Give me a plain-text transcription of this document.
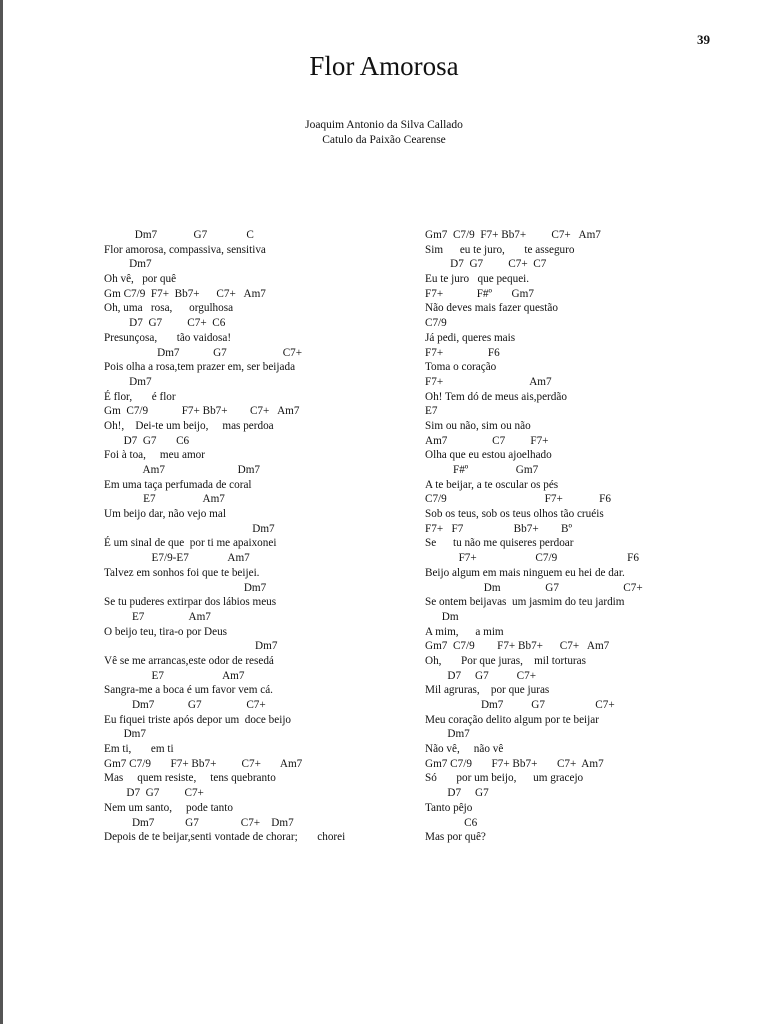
39
Flor Amorosa
Joaquim Antonio da Silva Callado
Catulo da Paixão Cearense
Dm7             G7              C
Flor amorosa, compassiva, sensitiva
Dm7
Oh vê,   por quê
Gm C7/9  F7+  Bb7+      C7+   Am7
Oh, uma   rosa,      orgulhosa
D7  G7         C7+  C6
Presunçosa,       tão vaidosa!
Dm7            G7                    C7+
Pois olha a rosa,tem prazer em, ser beijada
Dm7
É flor,       é flor
Gm  C7/9            F7+ Bb7+        C7+   Am7
Oh!,    Dei-te um beijo,     mas perdoa
D7  G7       C6
Foi à toa,     meu amor
Am7                          Dm7
Em uma taça perfumada de coral
E7                 Am7
Um beijo dar, não vejo mal
Dm7
É um sinal de que  por ti me apaixonei
E7/9-E7              Am7
Talvez em sonhos foi que te beijei.
Dm7
Se tu puderes extirpar dos lábios meus
E7                Am7
O beijo teu, tira-o por Deus
Dm7
Vê se me arrancas,este odor de resedá
E7                     Am7
Sangra-me a boca é um favor vem cá.
Dm7            G7                C7+
Eu fiquei triste após depor um  doce beijo
Dm7
Em ti,       em ti
Gm7 C7/9       F7+ Bb7+         C7+       Am7
Mas     quem resiste,     tens quebranto
D7  G7         C7+
Nem um santo,     pode tanto
Dm7           G7               C7+    Dm7
Depois de te beijar,senti vontade de chorar;       chorei
Gm7  C7/9  F7+ Bb7+         C7+   Am7
Sim      eu te juro,       te asseguro
D7  G7         C7+  C7
Eu te juro   que pequei.
F7+            F#º       Gm7
Não deves mais fazer questão
C7/9
Já pedi, queres mais
F7+                F6
Toma o coração
F7+                               Am7
Oh! Tem dó de meus ais,perdão
E7
Sim ou não, sim ou não
Am7                C7         F7+
Olha que eu estou ajoelhado
F#º                 Gm7
A te beijar, a te oscular os pés
C7/9                                   F7+             F6
Sob os teus, sob os teus olhos tão cruéis
F7+   F7                  Bb7+        Bº
Se      tu não me quiseres perdoar
F7+                     C7/9                         F6
Beijo algum em mais ninguem eu hei de dar.
Dm                G7                       C7+
Se ontem beijavas  um jasmim do teu jardim
Dm
A mim,      a mim
Gm7  C7/9        F7+ Bb7+      C7+   Am7
Oh,       Por que juras,    mil torturas
D7     G7          C7+
Mil agruras,    por que juras
Dm7          G7                  C7+
Meu coração delito algum por te beijar
Dm7
Não vê,     não vê
Gm7 C7/9       F7+ Bb7+       C7+  Am7
Só       por um beijo,      um gracejo
D7     G7
Tanto pêjo
C6
Mas por quê?
